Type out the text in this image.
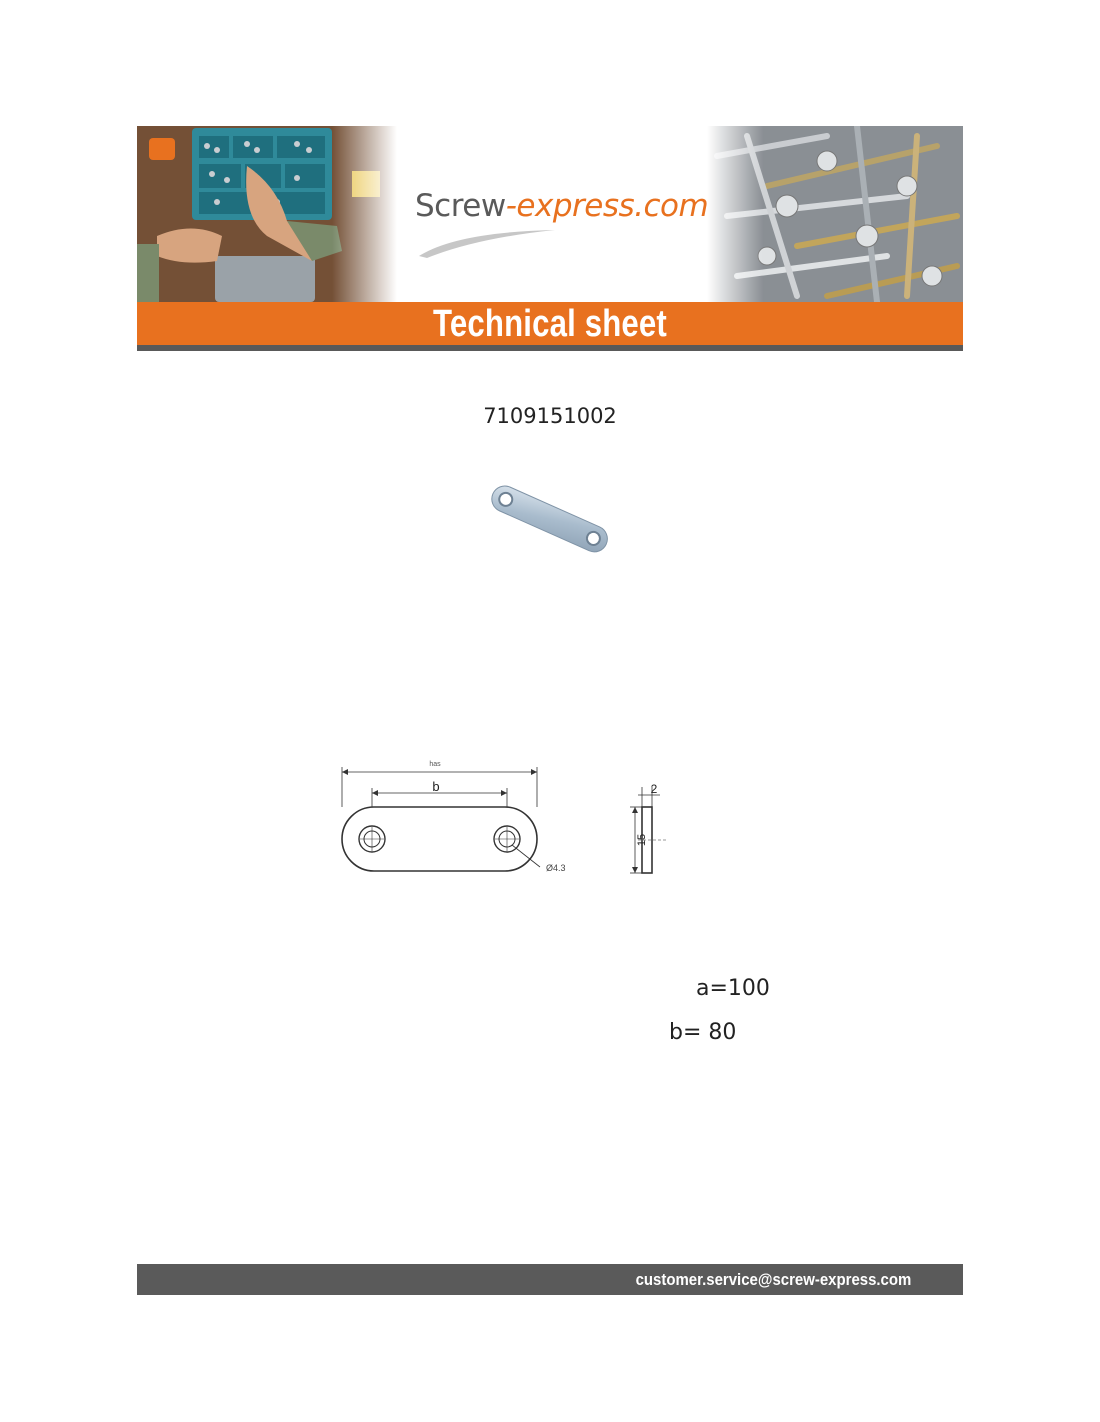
Screw-express.com
Technical sheet
7109151002
has
b
Ø4.3
2
15
a=100
b= 80
customer.service@screw-express.com
